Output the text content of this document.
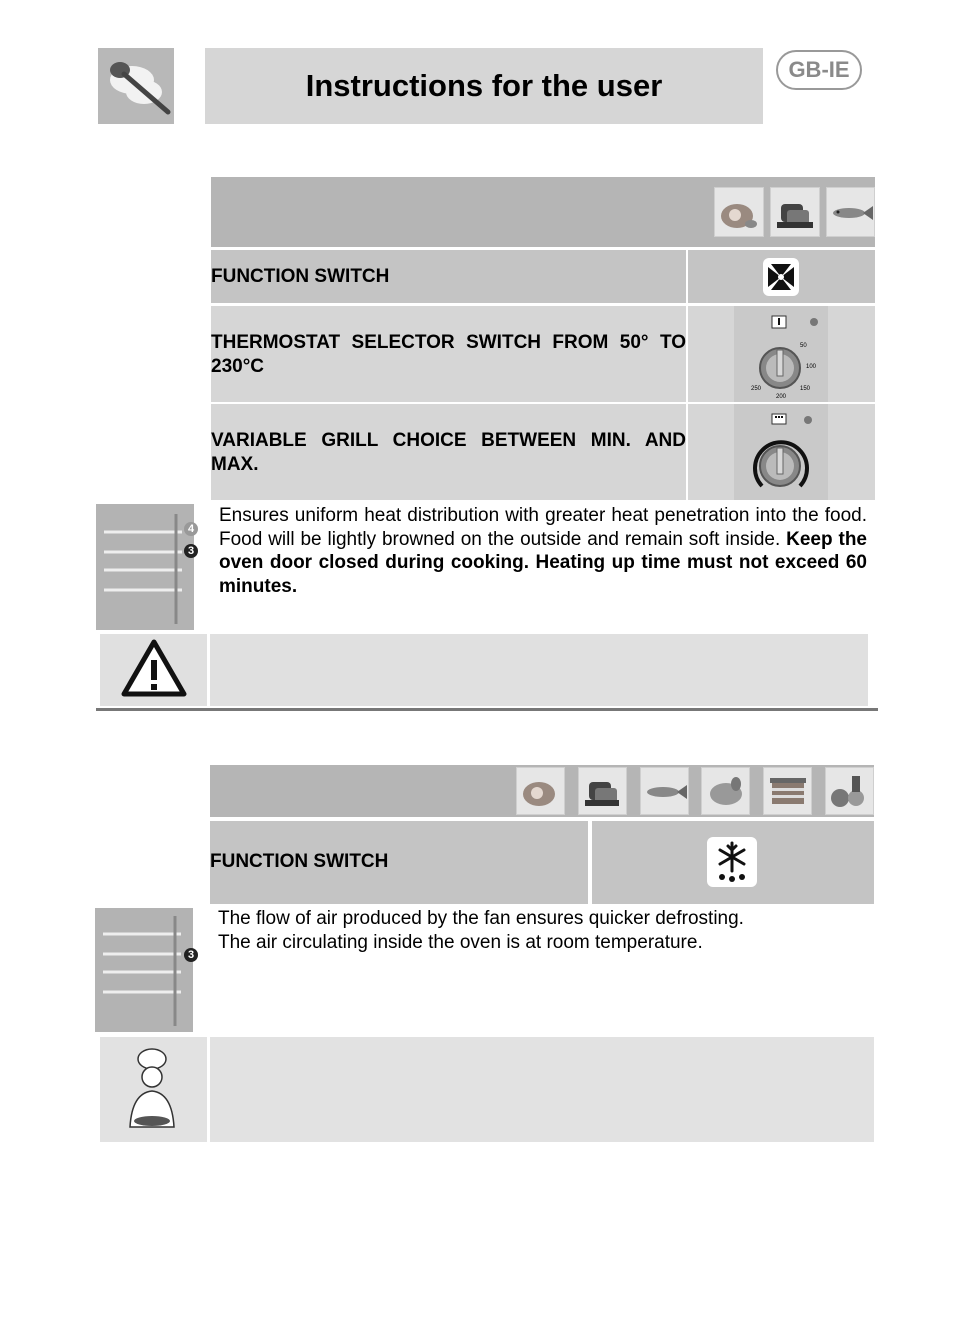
Instructions for the user	GB-IE
FUNCTION SWITCH
THERMOSTAT SELECTOR SWITCH FROM 50° TO 230°C
50
100
150
200
250
VARIABLE GRILL CHOICE BETWEEN MIN. AND MAX.
4
3
Ensures uniform heat distribution with greater heat penetration into the food. Food will be lightly browned on the outside and remain soft inside. Keep the oven door closed during cooking. Heating up time must not exceed 60 minutes.
FUNCTION SWITCH
3
The flow of air produced by the fan ensures quicker defrosting.
The air circulating inside the oven is at room temperature.
